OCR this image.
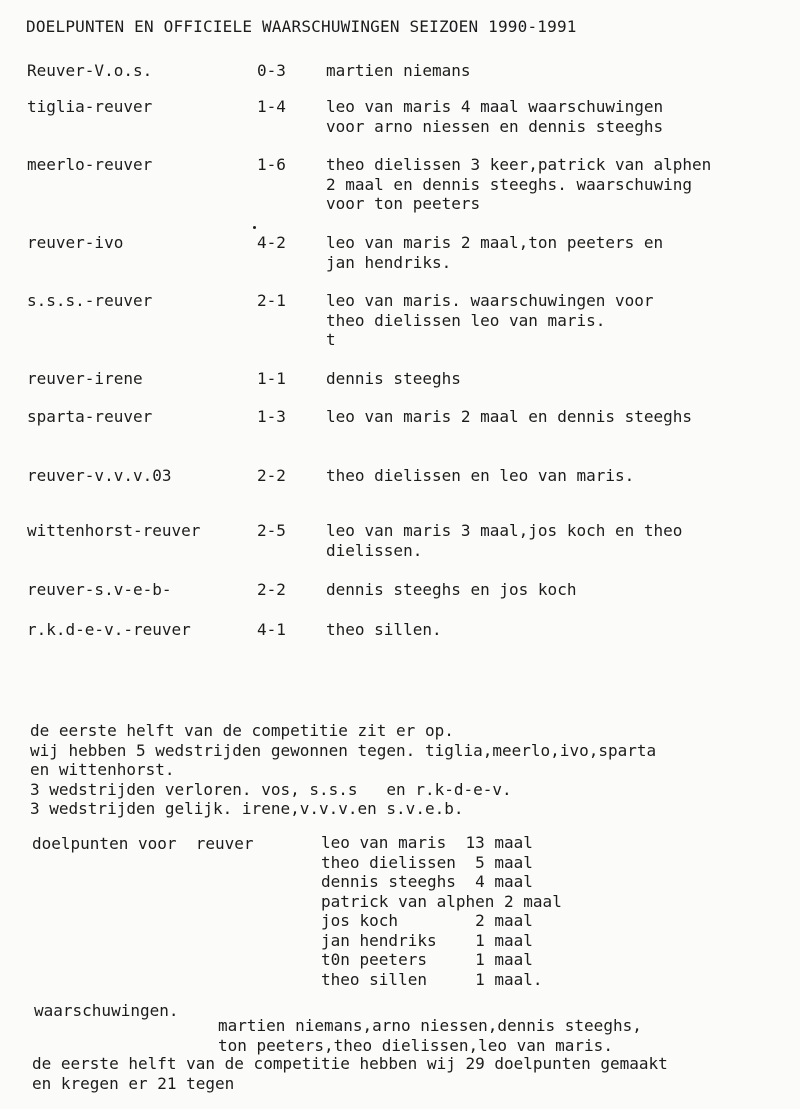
DOELPUNTEN EN OFFICIELE WAARSCHUWINGEN SEIZOEN 1990-1991
Reuver-V.o.s.	0-3	martien niemans
tiglia-reuver	1-4	leo van maris 4 maal waarschuwingen
voor arno niessen en dennis steeghs
meerlo-reuver	1-6	theo dielissen 3 keer,patrick van alphen
2 maal en dennis steeghs. waarschuwing
voor ton peeters
reuver-ivo	4-2	leo van maris 2 maal,ton peeters en
jan hendriks.
s.s.s.-reuver	2-1	leo van maris. waarschuwingen voor
theo dielissen leo van maris.
t
reuver-irene	1-1	dennis steeghs
sparta-reuver	1-3	leo van maris 2 maal en dennis steeghs
reuver-v.v.v.03	2-2	theo dielissen en leo van maris.
wittenhorst-reuver	2-5	leo van maris 3 maal,jos koch en theo
dielissen.
reuver-s.v-e-b-	2-2	dennis steeghs en jos koch
r.k.d-e-v.-reuver	4-1	theo sillen.
de eerste helft van de competitie zit er op.
wij hebben 5 wedstrijden gewonnen tegen. tiglia,meerlo,ivo,sparta
en wittenhorst.
3 wedstrijden verloren. vos, s.s.s   en r.k-d-e-v.
3 wedstrijden gelijk. irene,v.v.v.en s.v.e.b.
doelpunten voor  reuver	leo van maris  13 maal
theo dielissen  5 maal
dennis steeghs  4 maal
patrick van alphen 2 maal
jos koch        2 maal
jan hendriks    1 maal
t0n peeters     1 maal
theo sillen     1 maal.
waarschuwingen.
martien niemans,arno niessen,dennis steeghs,
ton peeters,theo dielissen,leo van maris.
de eerste helft van de competitie hebben wij 29 doelpunten gemaakt
en kregen er 21 tegen
